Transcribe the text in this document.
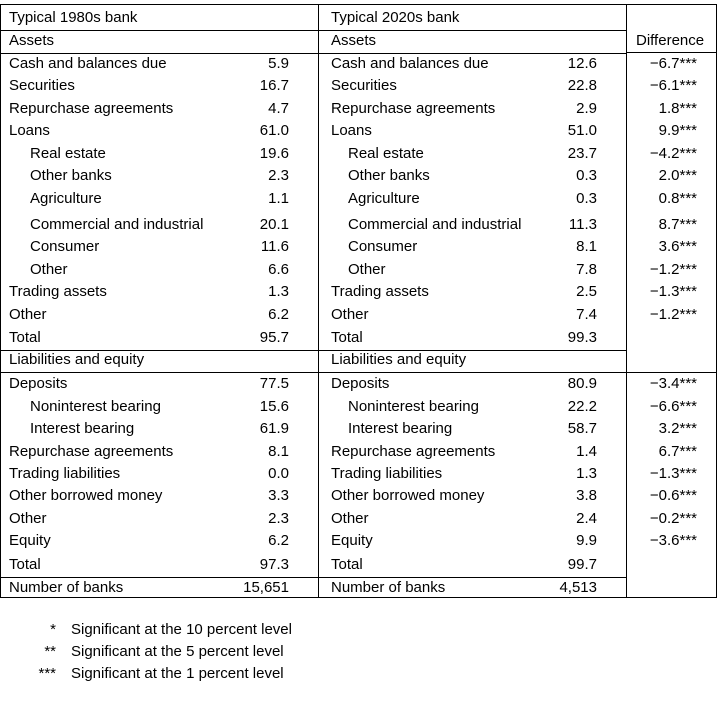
Typical 1980s bank	Typical 2020s bank
Difference
Assets	Assets
Cash and balances due	5.9	Cash and balances due	12.6	−6.7***
Securities	16.7	Securities	22.8	−6.1***
Repurchase agreements	4.7	Repurchase agreements	2.9	1.8***
Loans	61.0	Loans	51.0	9.9***
Real estate	19.6	Real estate	23.7	−4.2***
Other banks	2.3	Other banks	0.3	2.0***
Agriculture	1.1	Agriculture	0.3	0.8***
Commercial and industrial	20.1	Commercial and industrial	11.3	8.7***
Consumer	11.6	Consumer	8.1	3.6***
Other	6.6	Other	7.8	−1.2***
Trading assets	1.3	Trading assets	2.5	−1.3***
Other	6.2	Other	7.4	−1.2***
Total	95.7	Total	99.3
Liabilities and equity	Liabilities and equity
Deposits	77.5	Deposits	80.9	−3.4***
Noninterest bearing	15.6	Noninterest bearing	22.2	−6.6***
Interest bearing	61.9	Interest bearing	58.7	3.2***
Repurchase agreements	8.1	Repurchase agreements	1.4	6.7***
Trading liabilities	0.0	Trading liabilities	1.3	−1.3***
Other borrowed money	3.3	Other borrowed money	3.8	−0.6***
Other	2.3	Other	2.4	−0.2***
Equity	6.2	Equity	9.9	−3.6***
Total	97.3	Total	99.7
Number of banks	15,651	Number of banks	4,513
* Significant at the 10 percent level
** Significant at the 5 percent level
*** Significant at the 1 percent level
